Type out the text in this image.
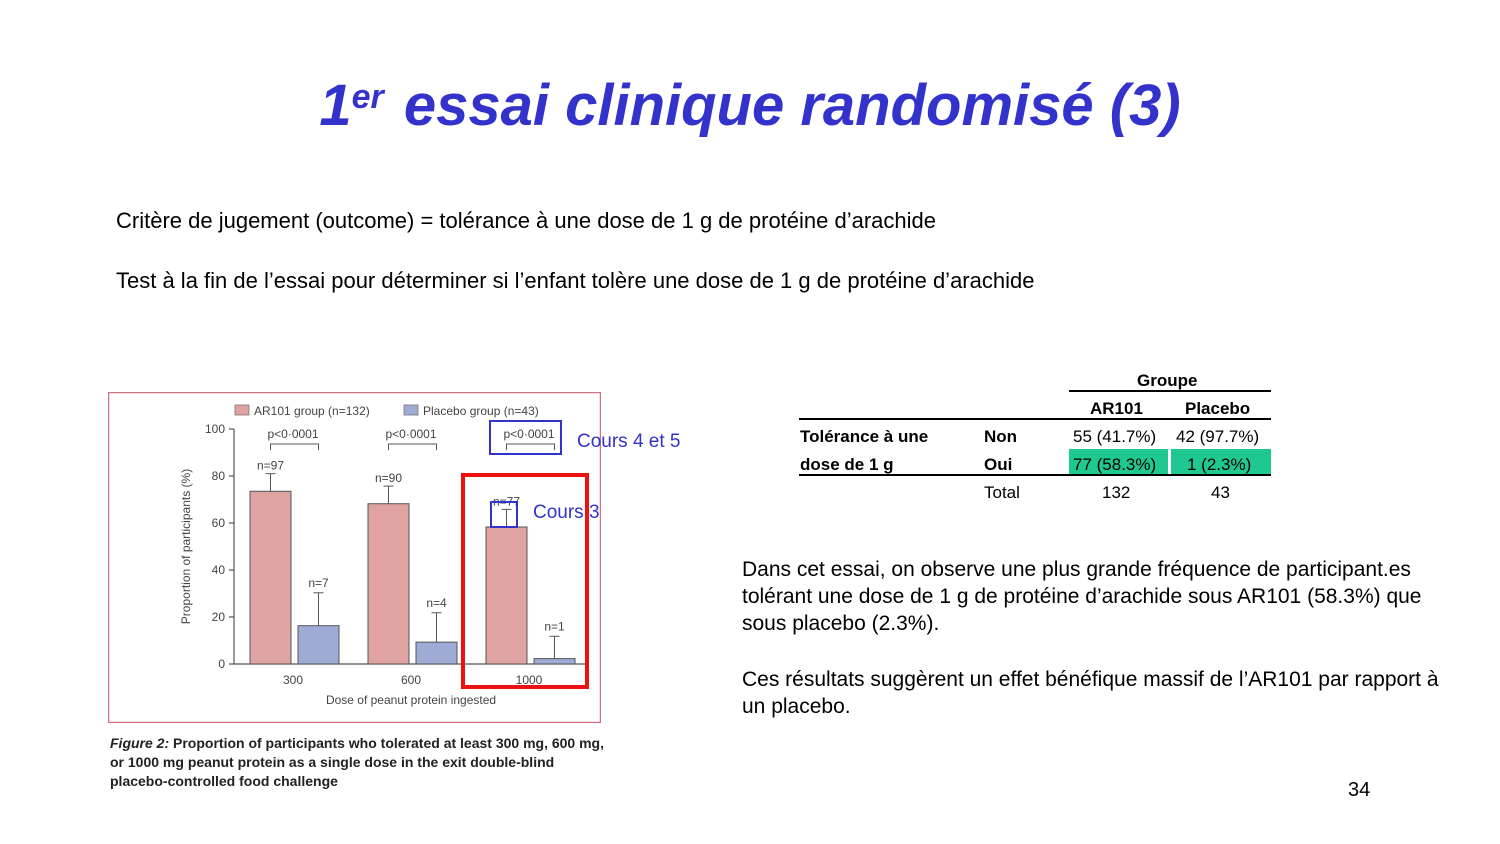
1er essai clinique randomisé (3)
Critère de jugement (outcome) = tolérance à une dose de 1 g de protéine d’arachide
Test à la fin de l’essai pour déterminer si l’enfant tolère une dose de 1 g de protéine d’arachide
0
20
40
60
80
100
Proportion of participants (%)
AR101 group (n=132)	Placebo group (n=43)
n=97
n=7
p<0·0001
300
n=90
n=4
p<0·0001
600
n=77
n=1
p<0·0001
1000
Dose of peanut protein ingested
Figure 2: Proportion of participants who tolerated at least 300 mg, 600 mg, or 1000 mg peanut protein as a single dose in the exit double-blind placebo-controlled food challenge
Cours 4 et 5
Cours 3
Groupe
AR101 Placebo
Tolérance à une
dose de 1 g
Non	55 (41.7%) 42 (97.7%)
Oui	77 (58.3%) 1 (2.3%)
Total	132	43
Dans cet essai, on observe une plus grande fréquence de participant.es tolérant une dose de 1 g de protéine d’arachide sous AR101 (58.3%) que sous placebo (2.3%).
Ces résultats suggèrent un effet bénéfique massif de l’AR101 par rapport à un placebo.
34
